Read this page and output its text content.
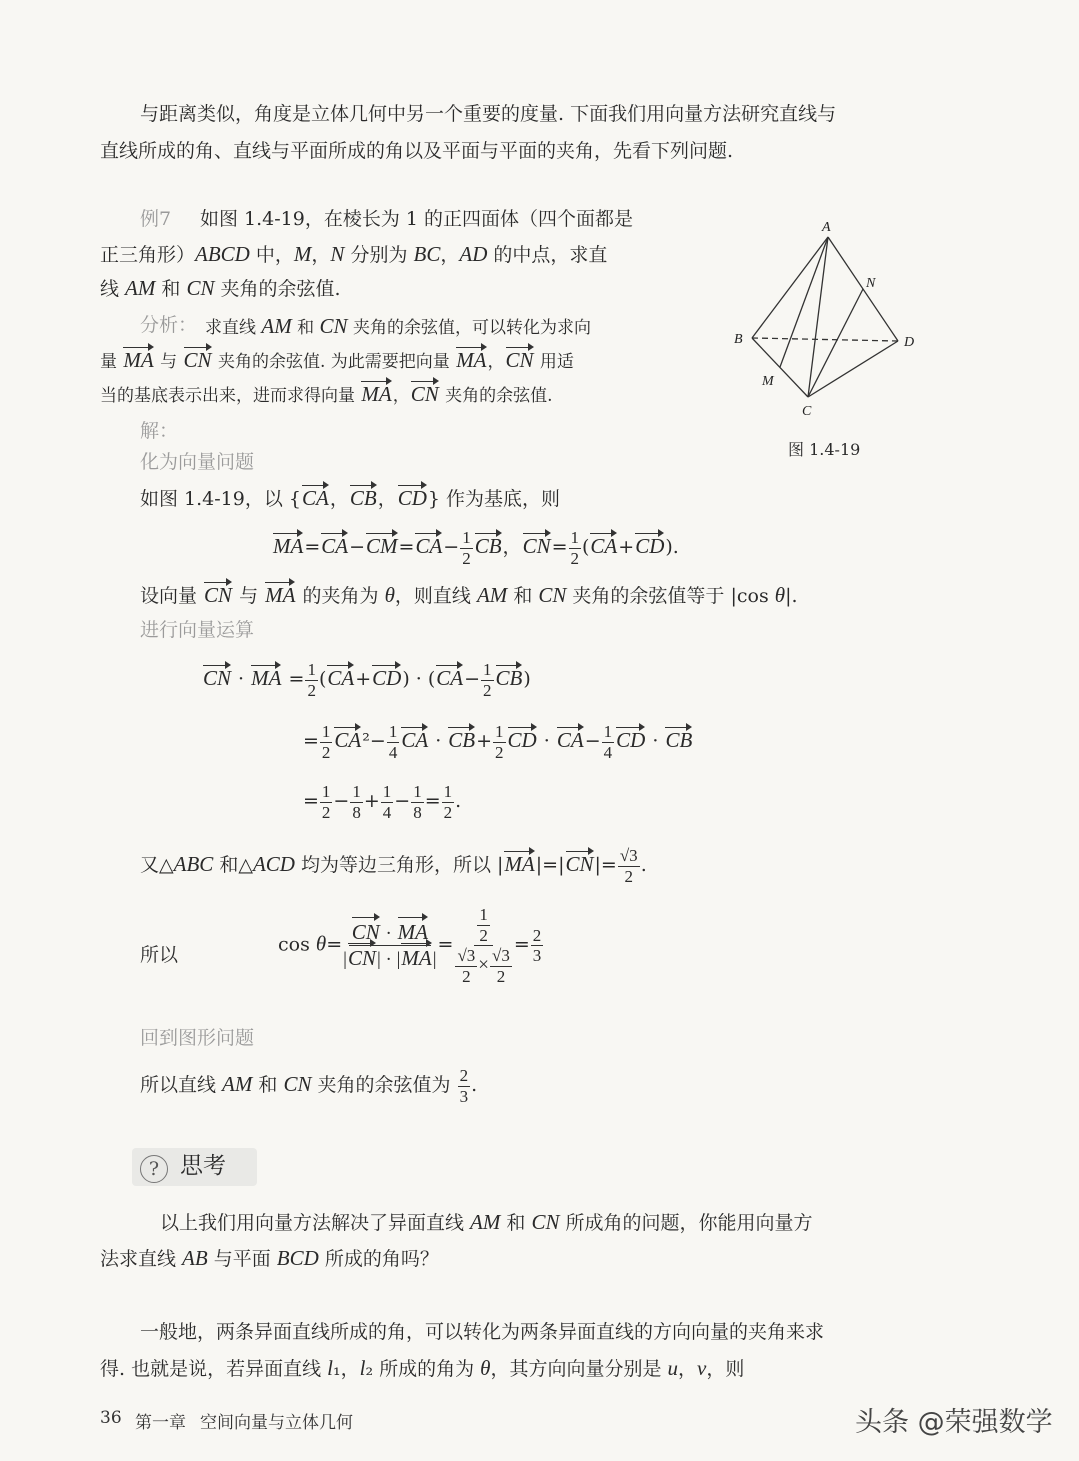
与距离类似，角度是立体几何中另一个重要的度量. 下面我们用向量方法研究直线与
直线所成的角、直线与平面所成的角以及平面与平面的夹角，先看下列问题.
例7 如图 1.4-19，在棱长为 1 的正四面体（四个面都是
正三角形）ABCD 中，M，N 分别为 BC，AD 的中点，求直
线 AM 和 CN 夹角的余弦值.
分析： 求直线 AM 和 CN 夹角的余弦值，可以转化为求向
量 MA 与 CN 夹角的余弦值. 为此需要把向量 MA，CN 用适
当的基底表示出来，进而求得向量 MA，CN 夹角的余弦值.
解：
化为向量问题
如图 1.4-19，以 {CA，CB，CD} 作为基底，则
$MA=CA-CM=CA- \frac{1}{2}$ CB，$CN= \frac{1}{2} (CA+CD)$.
设向量 CN 与 MA 的夹角为 θ，则直线 AM 和 CN 夹角的余弦值等于 |cos θ|.
进行向量运算
CN · MA = $\frac{1}{2} (CA+CD) \cdot (CA- \frac{1}{2} CB)$
= $\frac{1}{2} CA^2- \frac{1}{4}$ CA · $CB+ \frac{1}{2}$ CD · $CA- \frac{1}{4}$ CD · CB
= $\frac{1}{2} - \frac{1}{8} + \frac{1}{4} - \frac{1}{8} = \frac{1}{2}$ .
又△ABC 和△ACD 均为等边三角形，所以 $|MA|=|CN|= \frac{√3}{2}$ .
所以	$\cos \theta= \frac{CN \cdot MA}{|CN| \cdot |MA|} = \frac{\frac{1}{2}}{\frac{√3}{2} \times \frac{√3}{2}} = \frac{2}{3}$
回到图形问题
所以直线 AM 和 CN 夹角的余弦值为 $\frac{2}{3}$ .
A
B
C
D
M
N
图 1.4-19
? 思考
以上我们用向量方法解决了异面直线 AM 和 CN 所成角的问题，你能用向量方
法求直线 AB 与平面 BCD 所成的角吗？
一般地，两条异面直线所成的角，可以转化为两条异面直线的方向向量的夹角来求
得. 也就是说，若异面直线 l₁，l₂ 所成的角为 θ，其方向向量分别是 u，v，则
36 第一章 空间向量与立体几何	头条 @荣强数学
